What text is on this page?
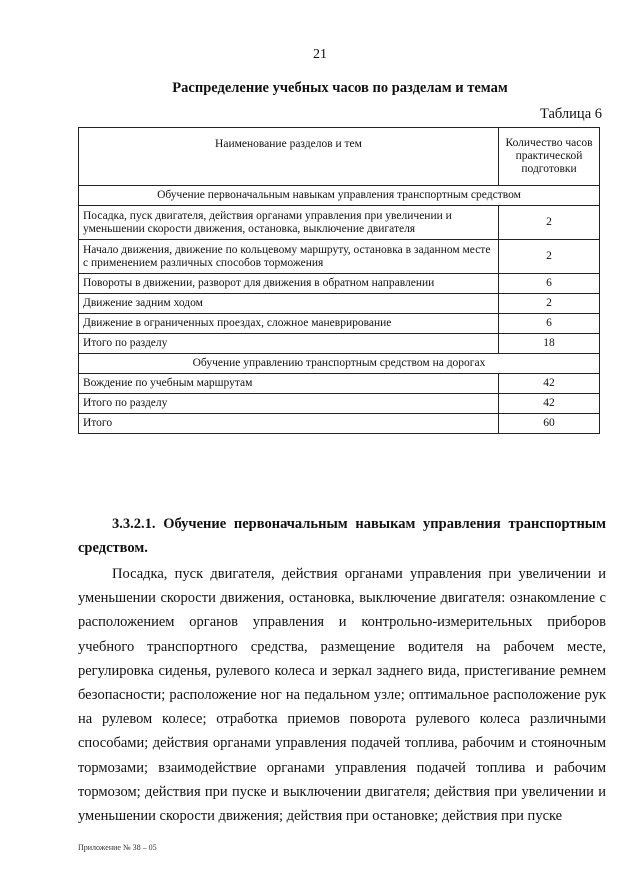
21
Распределение учебных часов по разделам и темам
Таблица 6
Наименование разделов и тем	Количество часов практической подготовки
Обучение первоначальным навыкам управления транспортным средством	
Посадка, пуск двигателя, действия органами управления при увеличении и уменьшении скорости движения, остановка, выключение двигателя	2
Начало движения, движение по кольцевому маршруту, остановка в заданном месте с применением различных способов торможения	2
Повороты в движении, разворот для движения в обратном направлении	6
Движение задним ходом	2
Движение в ограниченных проездах, сложное маневрирование	6
Итого по разделу	18
Обучение управлению транспортным средством на дорогах	
Вождение по учебным маршрутам	42
Итого по разделу	42
Итого	60
3.3.2.1. Обучение первоначальным навыкам управления транспортным
средством.

Посадка, пуск двигателя, действия органами управления при увеличении и уменьшении скорости движения, остановка, выключение двигателя: ознакомление с расположением органов управления и контрольно-измерительных приборов учебного транспортного средства, размещение водителя на рабочем месте, регулировка сиденья, рулевого колеса и зеркал заднего вида, пристегивание ремнем безопасности; расположение ног на педальном узле; оптимальное расположение рук на рулевом колесе; отработка приемов поворота рулевого колеса различными способами; действия органами управления подачей топлива, рабочим и стояночным тормозами; взаимодействие органами управления подачей топлива и рабочим тормозом; действия при пуске и выключении двигателя; действия при увеличении и уменьшении скорости движения; действия при остановке; действия при пуске

Приложение № 38 – 05
